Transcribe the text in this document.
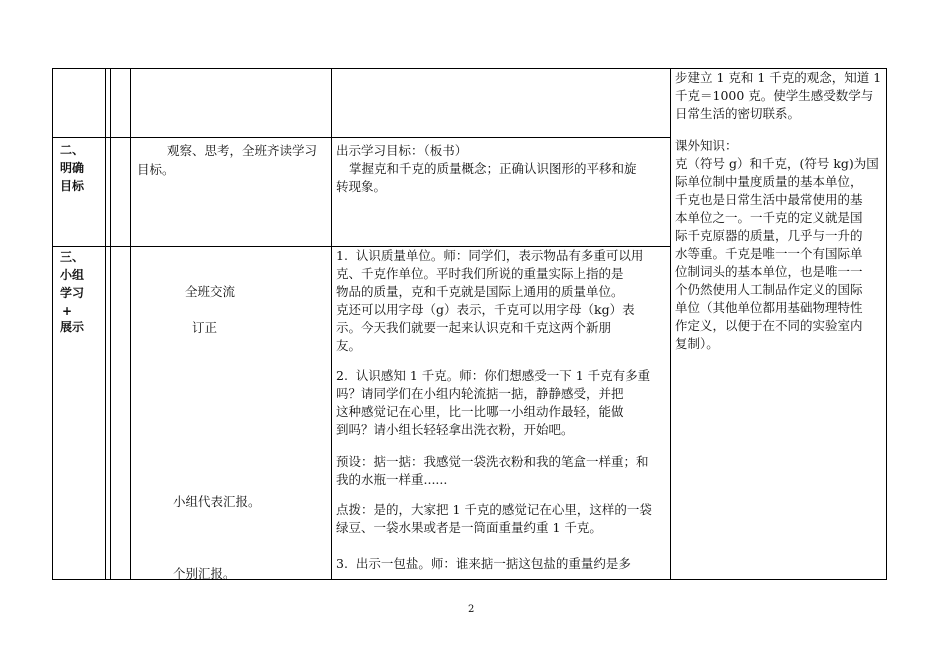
二、
明确
目标
观察、思考，全班齐读学习目标。
出示学习目标：（板书）
掌握克和千克的质量概念；正确认识图形的平移和旋
转现象。
三、
小组
学习
+
展示
全班交流
订正
小组代表汇报。
个别汇报。
1.  认识质量单位。师：同学们，表示物品有多重可以用
克、千克作单位。平时我们所说的重量实际上指的是
物品的质量，克和千克就是国际上通用的质量单位。
克还可以用字母（g）表示，千克可以用字母（kg）表
示。今天我们就要一起来认识克和千克这两个新朋
友。
2.  认识感知 1 千克。师：你们想感受一下 1 千克有多重
吗？请同学们在小组内轮流掂一掂，静静感受，并把
这种感觉记在心里，比一比哪一小组动作最轻，能做
到吗？请小组长轻轻拿出洗衣粉，开始吧。
预设：掂一掂：我感觉一袋洗衣粉和我的笔盒一样重；和
我的水瓶一样重......
点拨：是的，大家把 1 千克的感觉记在心里，这样的一袋
绿豆、一袋水果或者是一筒面重量约重 1 千克。
3.  出示一包盐。师：谁来掂一掂这包盐的重量约是多
步建立 1 克和 1 千克的观念，知道 1
千克＝1000 克。使学生感受数学与
日常生活的密切联系。
课外知识：
克（符号 g）和千克，(符号 kg)为国
际单位制中量度质量的基本单位，
千克也是日常生活中最常使用的基
本单位之一。一千克的定义就是国
际千克原器的质量，几乎与一升的
水等重。千克是唯一一个有国际单
位制词头的基本单位，也是唯一一
个仍然使用人工制品作定义的国际
单位（其他单位都用基础物理特性
作定义，以便于在不同的实验室内
复制）。
2
